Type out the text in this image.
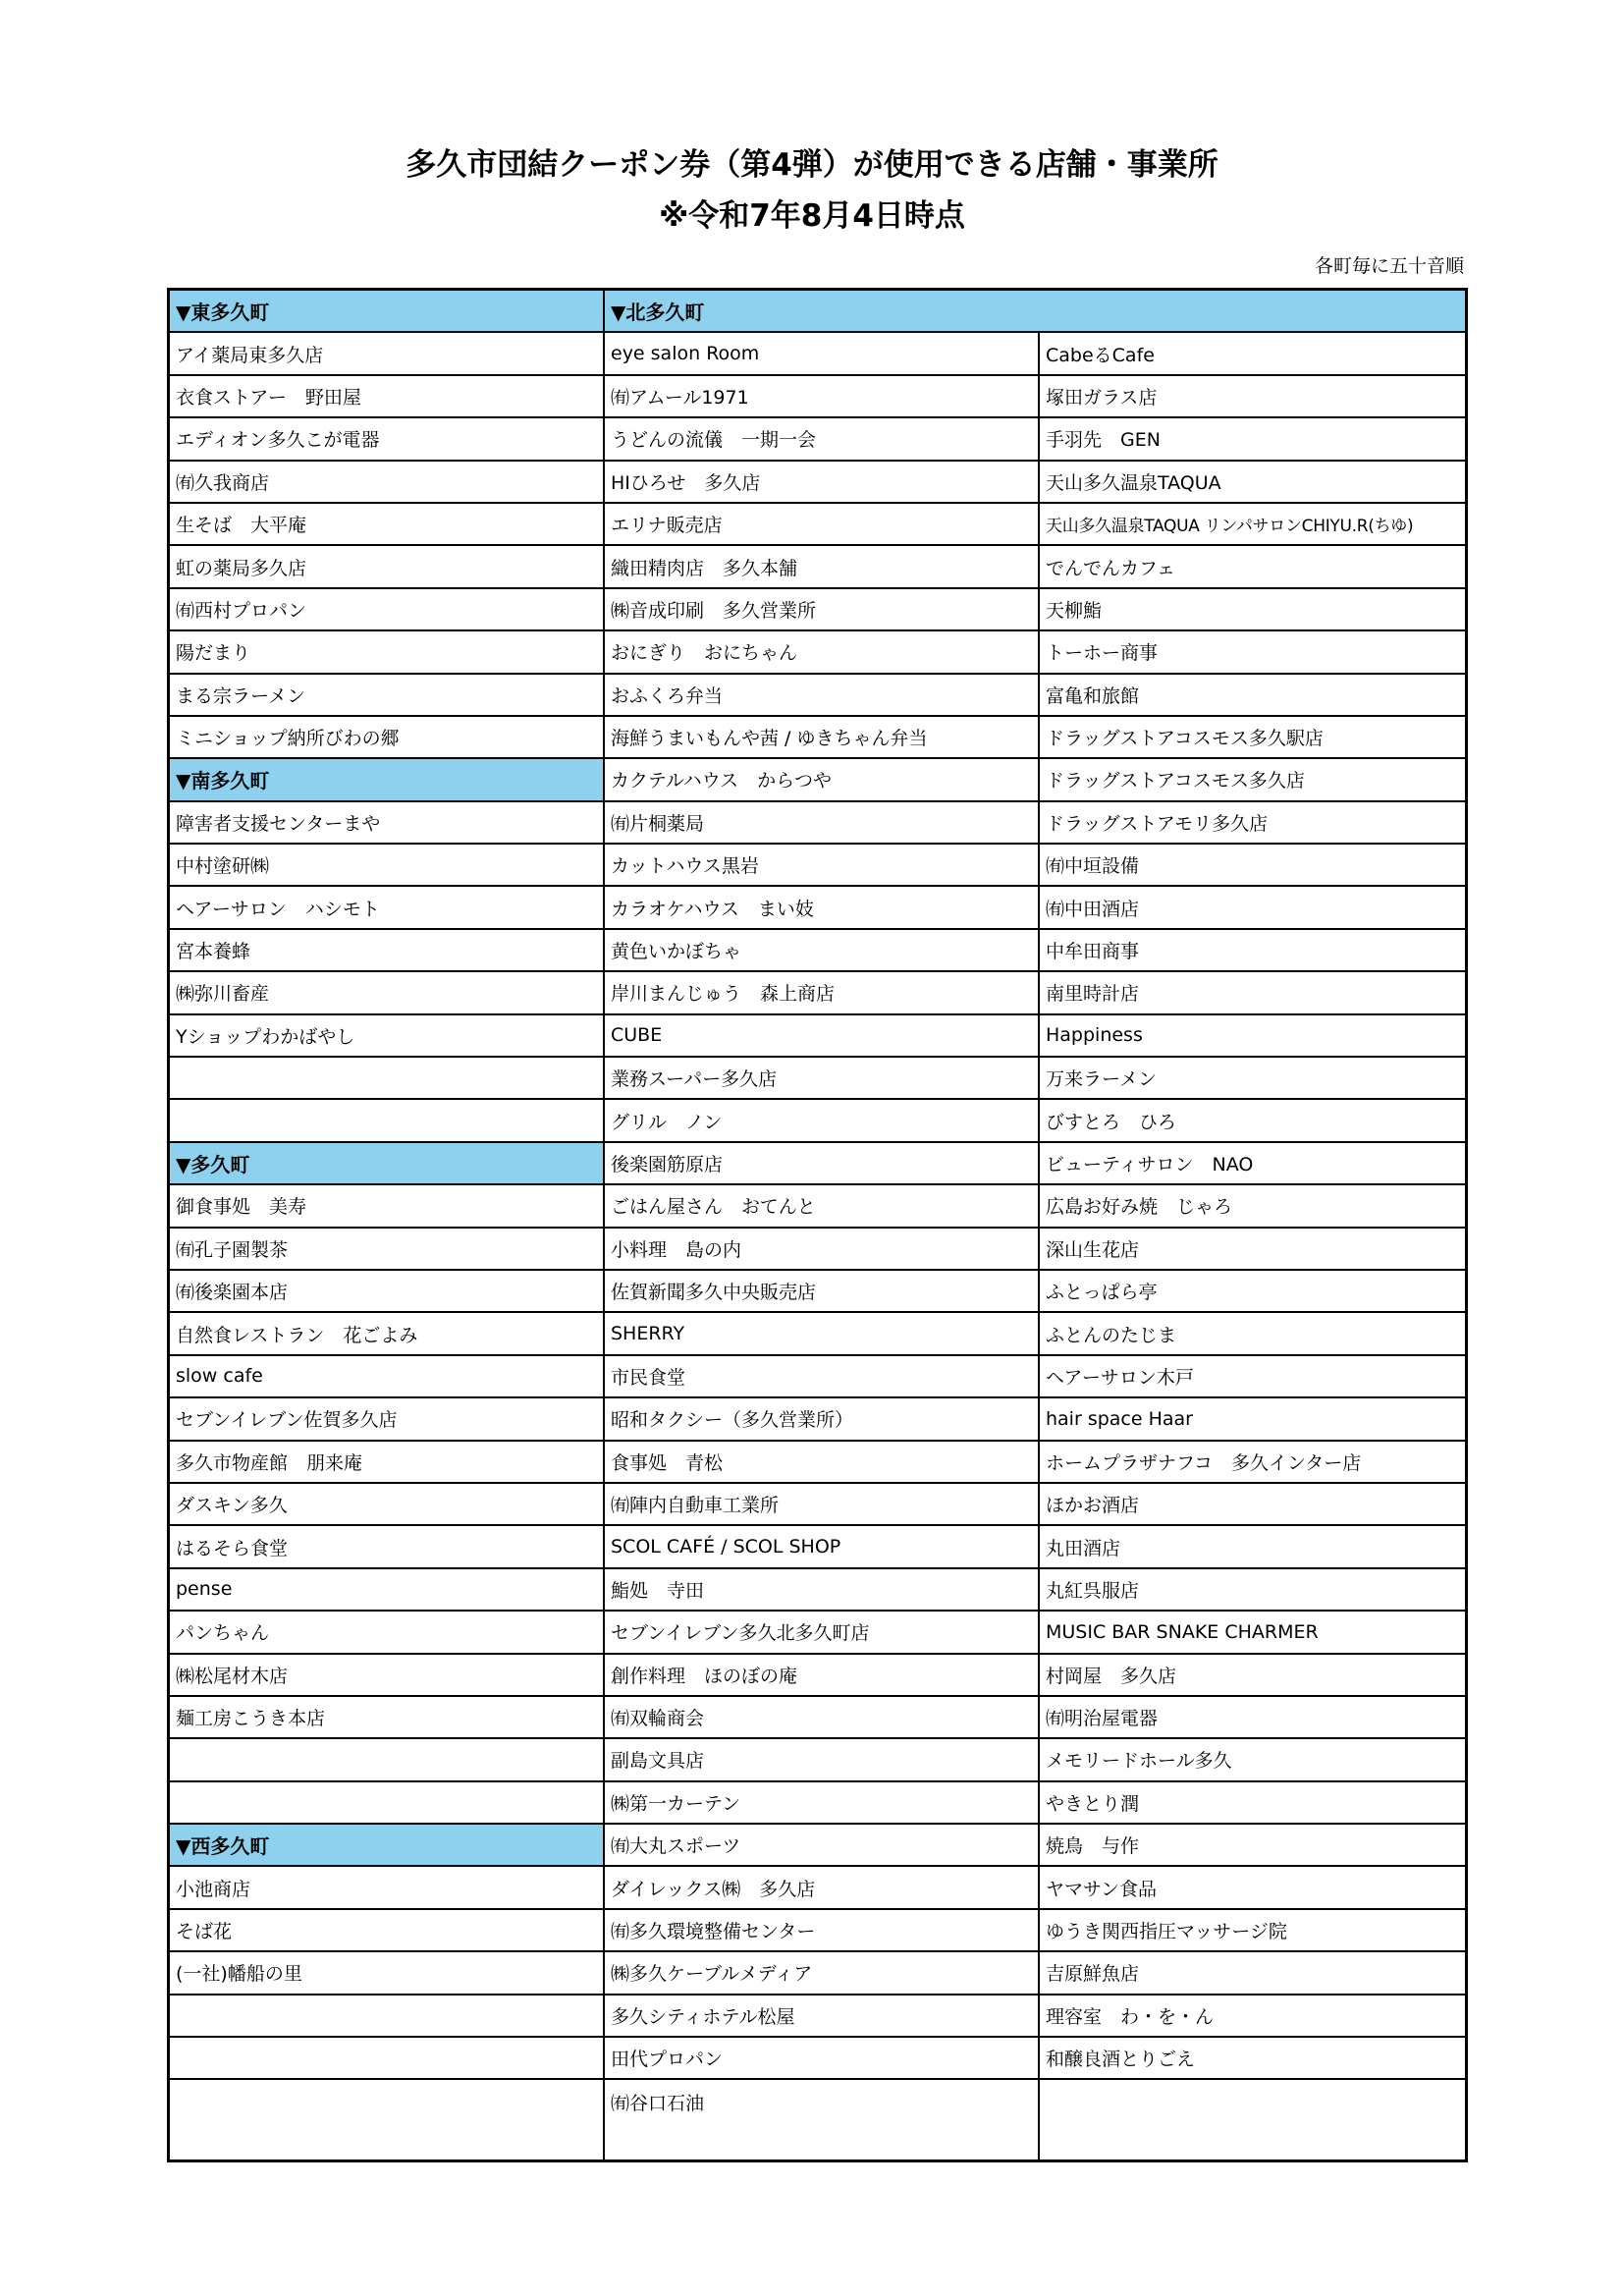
多久市団結クーポン券（第4弾）が使用できる店舗・事業所
※令和7年8月4日時点
各町毎に五十音順
▼東多久町
アイ薬局東多久店
衣食ストアー　野田屋
エディオン多久こが電器
㈲久我商店
生そば　大平庵
虹の薬局多久店
㈲西村プロパン
陽だまり
まる宗ラーメン
ミニショップ納所びわの郷
▼南多久町
障害者支援センターまや
中村塗研㈱
ヘアーサロン　ハシモト
宮本養蜂
㈱弥川畜産
Yショップわかばやし
▼多久町
御食事処　美寿
㈲孔子園製茶
㈲後楽園本店
自然食レストラン　花ごよみ
slow cafe
セブンイレブン佐賀多久店
多久市物産館　朋来庵
ダスキン多久
はるそら食堂
pense
パンちゃん
㈱松尾材木店
麺工房こうき本店
▼西多久町
小池商店
そば花
(一社)幡船の里
▼北多久町
eye salon Room
㈲アムール1971
うどんの流儀　一期一会
HIひろせ　多久店
エリナ販売店
織田精肉店　多久本舗
㈱音成印刷　多久営業所
おにぎり　おにちゃん
おふくろ弁当
海鮮うまいもんや茜 / ゆきちゃん弁当
カクテルハウス　からつや
㈲片桐薬局
カットハウス黒岩
カラオケハウス　まい妓
黄色いかぼちゃ
岸川まんじゅう　森上商店
CUBE
業務スーパー多久店
グリル　ノン
後楽園筋原店
ごはん屋さん　おてんと
小料理　島の内
佐賀新聞多久中央販売店
SHERRY
市民食堂
昭和タクシー（多久営業所）
食事処　青松
㈲陣内自動車工業所
SCOL CAFÉ / SCOL SHOP
鮨処　寺田
セブンイレブン多久北多久町店
創作料理　ほのぼの庵
㈲双輪商会
副島文具店
㈱第一カーテン
㈲大丸スポーツ
ダイレックス㈱　多久店
㈲多久環境整備センター
㈱多久ケーブルメディア
多久シティホテル松屋
田代プロパン
㈲谷口石油
CabeるCafe
塚田ガラス店
手羽先　GEN
天山多久温泉TAQUA
天山多久温泉TAQUA リンパサロンCHIYU.R(ちゆ)
でんでんカフェ
天柳鮨
トーホー商事
富亀和旅館
ドラッグストアコスモス多久駅店
ドラッグストアコスモス多久店
ドラッグストアモリ多久店
㈲中垣設備
㈲中田酒店
中牟田商事
南里時計店
Happiness
万来ラーメン
びすとろ　ひろ
ビューティサロン　NAO
広島お好み焼　じゃろ
深山生花店
ふとっぱら亭
ふとんのたじま
ヘアーサロン木戸
hair space Haar
ホームプラザナフコ　多久インター店
ほかお酒店
丸田酒店
丸紅呉服店
MUSIC BAR SNAKE CHARMER
村岡屋　多久店
㈲明治屋電器
メモリードホール多久
やきとり潤
焼鳥　与作
ヤマサン食品
ゆうき関西指圧マッサージ院
吉原鮮魚店
理容室　わ・を・ん
和醸良酒とりごえ
